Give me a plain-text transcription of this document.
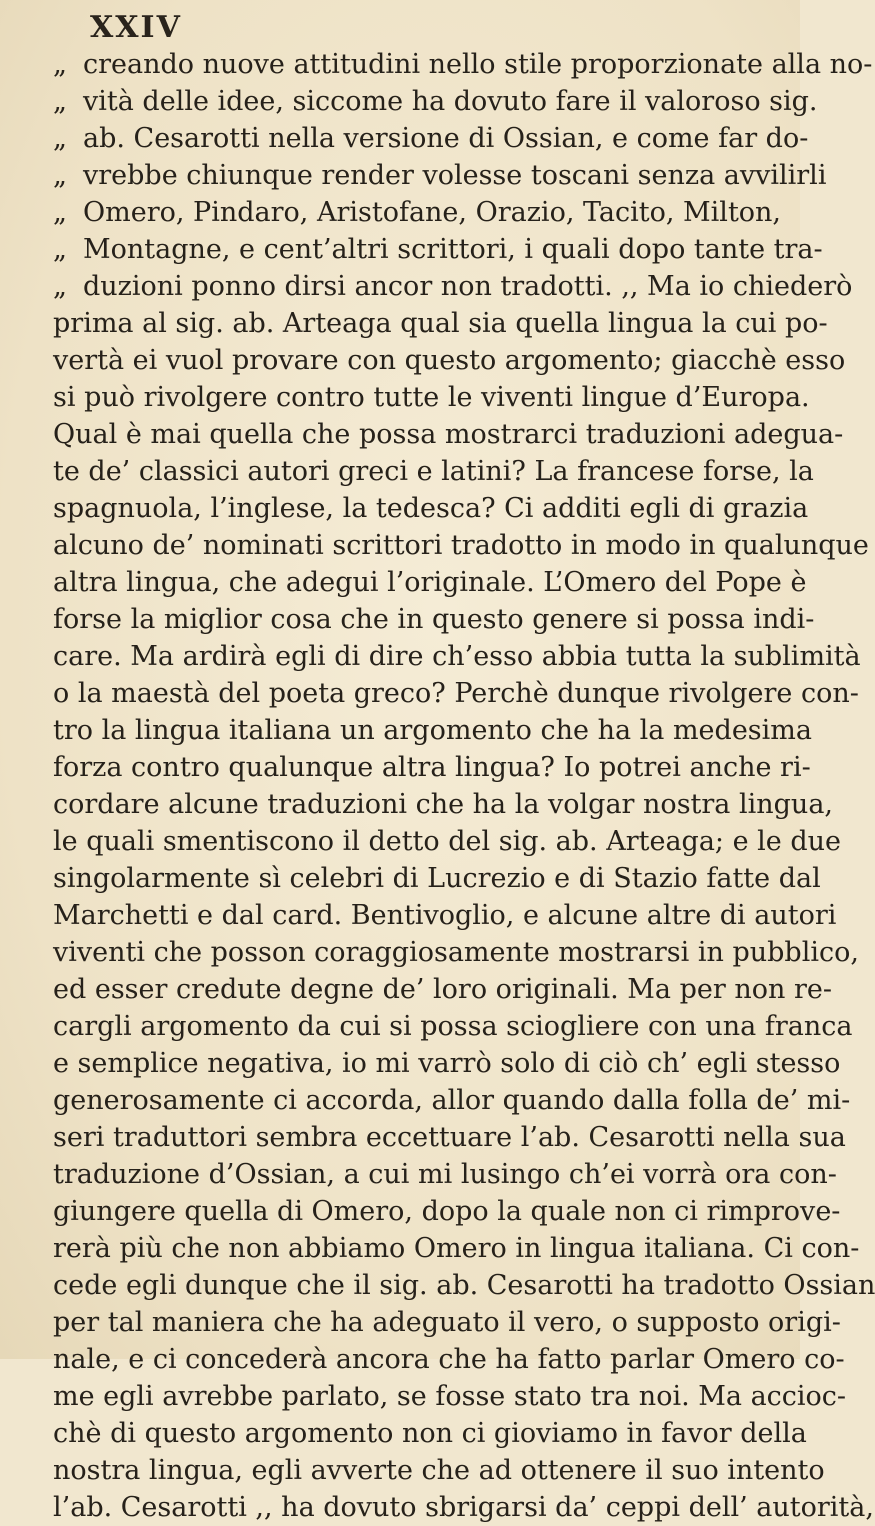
XXIV
„ creando nuove attitudini nello stile proporzionate alla no-
„ vità delle idee, siccome ha dovuto fare il valoroso sig.
„ ab. Cesarotti nella versione di Ossian, e come far do-
„ vrebbe chiunque render volesse toscani senza avvilirli
„ Omero, Pindaro, Aristofane, Orazio, Tacito, Milton,
„ Montagne, e cent’altri scrittori, i quali dopo tante tra-
„ duzioni ponno dirsi ancor non tradotti. ,, Ma io chiederò
prima al sig. ab. Arteaga qual sia quella lingua la cui po-
vertà ei vuol provare con questo argomento; giacchè esso
si può rivolgere contro tutte le viventi lingue d’Europa.
Qual è mai quella che possa mostrarci traduzioni adegua-
te de’ classici autori greci e latini? La francese forse, la
spagnuola, l’inglese, la tedesca? Ci additi egli di grazia
alcuno de’ nominati scrittori tradotto in modo in qualunque
altra lingua, che adegui l’originale. L’Omero del Pope è
forse la miglior cosa che in questo genere si possa indi-
care. Ma ardirà egli di dire ch’esso abbia tutta la sublimità
o la maestà del poeta greco? Perchè dunque rivolgere con-
tro la lingua italiana un argomento che ha la medesima
forza contro qualunque altra lingua? Io potrei anche ri-
cordare alcune traduzioni che ha la volgar nostra lingua,
le quali smentiscono il detto del sig. ab. Arteaga; e le due
singolarmente sì celebri di Lucrezio e di Stazio fatte dal
Marchetti e dal card. Bentivoglio, e alcune altre di autori
viventi che posson coraggiosamente mostrarsi in pubblico,
ed esser credute degne de’ loro originali. Ma per non re-
cargli argomento da cui si possa sciogliere con una franca
e semplice negativa, io mi varrò solo di ciò ch’ egli stesso
generosamente ci accorda, allor quando dalla folla de’ mi-
seri traduttori sembra eccettuare l’ab. Cesarotti nella sua
traduzione d’Ossian, a cui mi lusingo ch’ei vorrà ora con-
giungere quella di Omero, dopo la quale non ci rimprove-
rerà più che non abbiamo Omero in lingua italiana. Ci con-
cede egli dunque che il sig. ab. Cesarotti ha tradotto Ossian
per tal maniera che ha adeguato il vero, o supposto origi-
nale, e ci concederà ancora che ha fatto parlar Omero co-
me egli avrebbe parlato, se fosse stato tra noi. Ma accioc-
chè di questo argomento non ci gioviamo in favor della
nostra lingua, egli avverte che ad ottenere il suo intento
l’ab. Cesarotti ,, ha dovuto sbrigarsi da’ ceppi dell’ autorità,
